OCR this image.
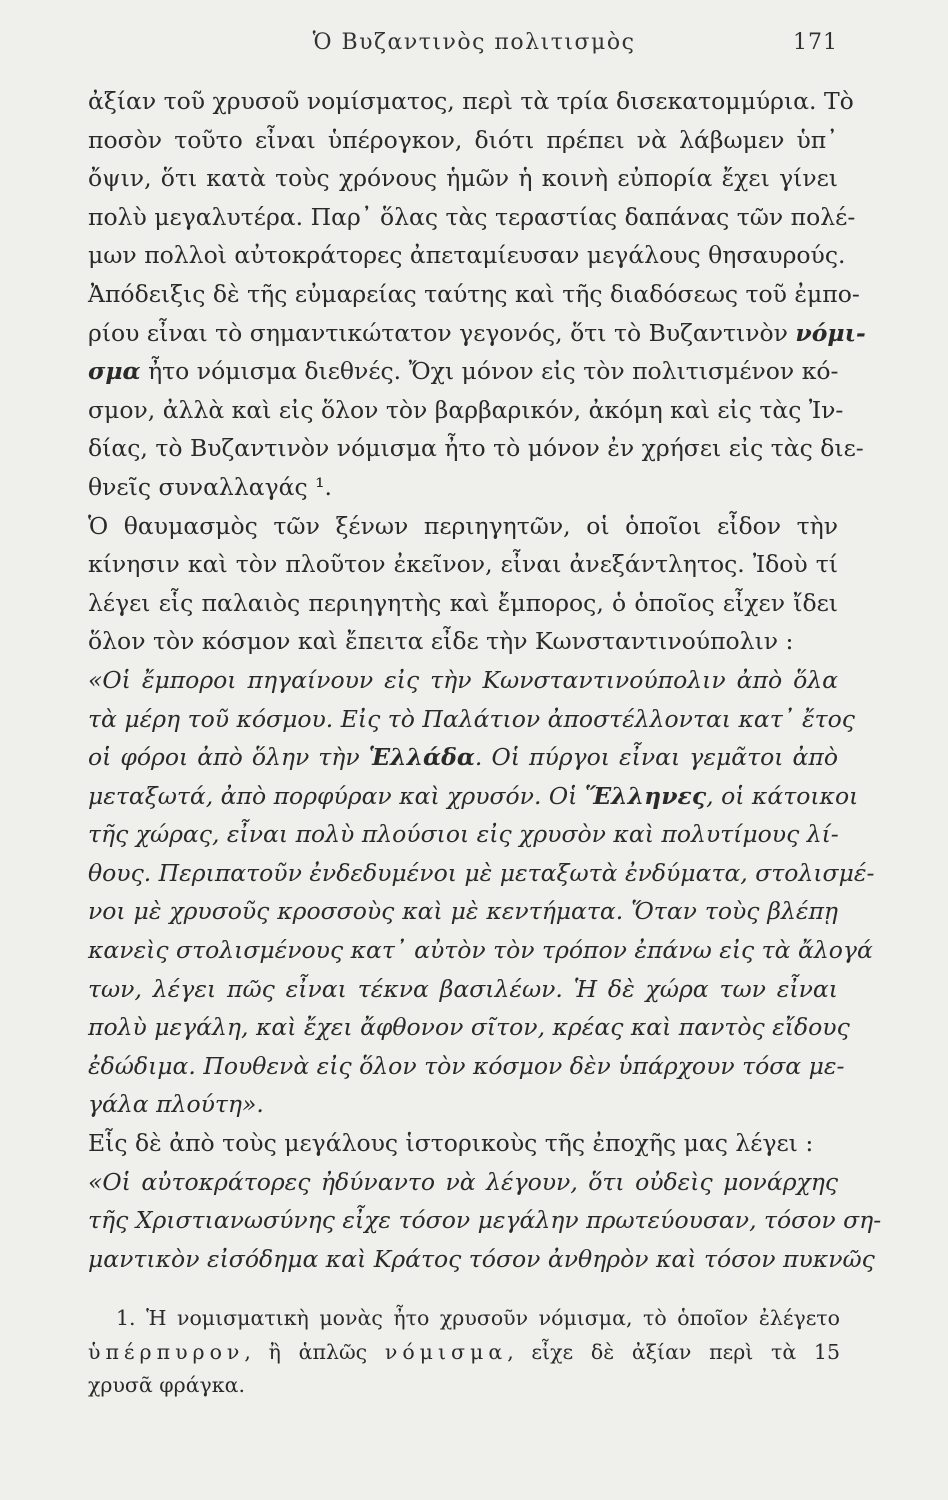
Ὁ Βυζαντινὸς πολιτισμὸς	171
ἀξίαν τοῦ χρυσοῦ νομίσματος, περὶ τὰ τρία δισεκατομμύρια. Τὸ
ποσὸν τοῦτο εἶναι ὑπέρογκον, διότι πρέπει νὰ λάβωμεν ὑπ᾽
ὄψιν, ὅτι κατὰ τοὺς χρόνους ἡμῶν ἡ κοινὴ εὐπορία ἔχει γίνει
πολὺ μεγαλυτέρα. Παρ᾽ ὅλας τὰς τεραστίας δαπάνας τῶν πολέ-
μων πολλοὶ αὐτοκράτορες ἀπεταμίευσαν μεγάλους θησαυρούς.
Ἀπόδειξις δὲ τῆς εὐμαρείας ταύτης καὶ τῆς διαδόσεως τοῦ ἐμπο-
ρίου εἶναι τὸ σημαντικώτατον γεγονός, ὅτι τὸ Βυζαντινὸν νόμι-
σμα ἦτο νόμισμα διεθνές. Ὄχι μόνον εἰς τὸν πολιτισμένον κό-
σμον, ἀλλὰ καὶ εἰς ὅλον τὸν βαρβαρικόν, ἀκόμη καὶ εἰς τὰς Ἰν-
δίας, τὸ Βυζαντινὸν νόμισμα ἦτο τὸ μόνον ἐν χρήσει εἰς τὰς διε-
θνεῖς συναλλαγάς ¹.
Ὁ θαυμασμὸς τῶν ξένων περιηγητῶν, οἱ ὁποῖοι εἶδον τὴν
κίνησιν καὶ τὸν πλοῦτον ἐκεῖνον, εἶναι ἀνεξάντλητος. Ἰδοὺ τί
λέγει εἷς παλαιὸς περιηγητὴς καὶ ἔμπορος, ὁ ὁποῖος εἶχεν ἴδει
ὅλον τὸν κόσμον καὶ ἔπειτα εἶδε τὴν Κωνσταντινούπολιν :
«Οἱ ἔμποροι πηγαίνουν εἰς τὴν Κωνσταντινούπολιν ἀπὸ ὅλα
τὰ μέρη τοῦ κόσμου. Εἰς τὸ Παλάτιον ἀποστέλλονται κατ᾽ ἔτος
οἱ φόροι ἀπὸ ὅλην τὴν Ἑλλάδα. Οἱ πύργοι εἶναι γεμᾶτοι ἀπὸ
μεταξωτά, ἀπὸ πορφύραν καὶ χρυσόν. Οἱ Ἕλληνες, οἱ κάτοικοι
τῆς χώρας, εἶναι πολὺ πλούσιοι εἰς χρυσὸν καὶ πολυτίμους λί-
θους. Περιπατοῦν ἐνδεδυμένοι μὲ μεταξωτὰ ἐνδύματα, στολισμέ-
νοι μὲ χρυσοῦς κροσσοὺς καὶ μὲ κεντήματα. Ὅταν τοὺς βλέπῃ
κανεὶς στολισμένους κατ᾽ αὐτὸν τὸν τρόπον ἐπάνω εἰς τὰ ἄλογά
των, λέγει πῶς εἶναι τέκνα βασιλέων. Ἡ δὲ χώρα των εἶναι
πολὺ μεγάλη, καὶ ἔχει ἄφθονον σῖτον, κρέας καὶ παντὸς εἴδους
ἐδώδιμα. Πουθενὰ εἰς ὅλον τὸν κόσμον δὲν ὑπάρχουν τόσα με-
γάλα πλούτη».
Εἷς δὲ ἀπὸ τοὺς μεγάλους ἱστορικοὺς τῆς ἐποχῆς μας λέγει :
«Οἱ αὐτοκράτορες ἠδύναντο νὰ λέγουν, ὅτι οὐδεὶς μονάρχης
τῆς Χριστιανωσύνης εἶχε τόσον μεγάλην πρωτεύουσαν, τόσον ση-
μαντικὸν εἰσόδημα καὶ Κράτος τόσον ἀνθηρὸν καὶ τόσον πυκνῶς
1. Ἡ νομισματικὴ μονὰς ἦτο χρυσοῦν νόμισμα, τὸ ὁποῖον ἐλέγετο
ὑπέρπυρον, ἢ ἁπλῶς νόμισμα, εἶχε δὲ ἀξίαν περὶ τὰ 15
χρυσᾶ φράγκα.
